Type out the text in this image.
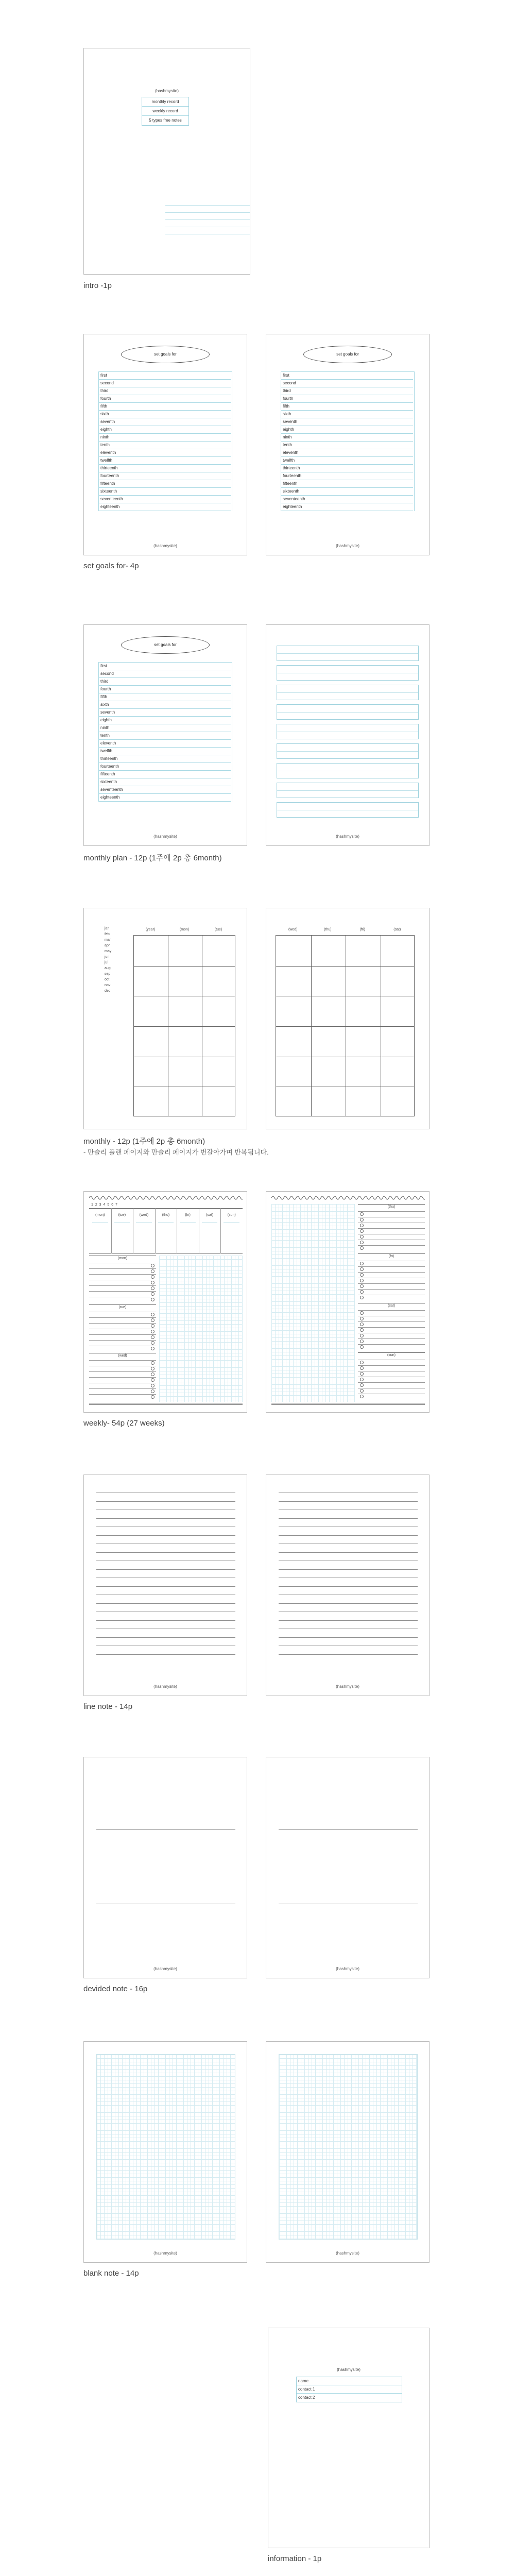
(hashmysite)
monthly record
weekly record
5 types free notes
intro -1p
set goals for
first
second
third
fourth
fifth
sixth
seventh
eighth
ninth
tenth
eleventh
twelfth
thirteenth
fourteenth
fifteenth
sixteenth
seventeenth
eighteenth
(hashmysite)
set goals for
first
second
third
fourth
fifth
sixth
seventh
eighth
ninth
tenth
eleventh
twelfth
thirteenth
fourteenth
fifteenth
sixteenth
seventeenth
eighteenth
(hashmysite)
set goals for- 4p
set goals for
first
second
third
fourth
fifth
sixth
seventh
eighth
ninth
tenth
eleventh
twelfth
thirteenth
fourteenth
fifteenth
sixteenth
seventeenth
eighteenth
(hashmysite)	(hashmysite)
monthly plan - 12p (1주에 2p 총 6month)
jan
feb
mar
apr
may
jun
jul
aug
sep
oct
nov
dec
(year)	(mon)	(tue)	(wed)	(thu)	(fri)	(sat)
monthly - 12p (1주에 2p 총 6month)
- 만슬리 플랜 페이지와 만슬리 페이지가 번갈아가며 반복됩니다.
1 2 3 4 5 6 7
(mon)	(tue)	(wed)	(thu)	(fri)	(sat)	(sun)
(mon)
(tue)
(wed)
(thu)
(fri)
(sat)
(sun)
weekly- 54p (27 weeks)
(hashmysite)	(hashmysite)
line note - 14p
(hashmysite)	(hashmysite)
devided note - 16p
(hashmysite)	(hashmysite)
blank note - 14p
(hashmysite)
name
contact 1
contact 2
information - 1p
